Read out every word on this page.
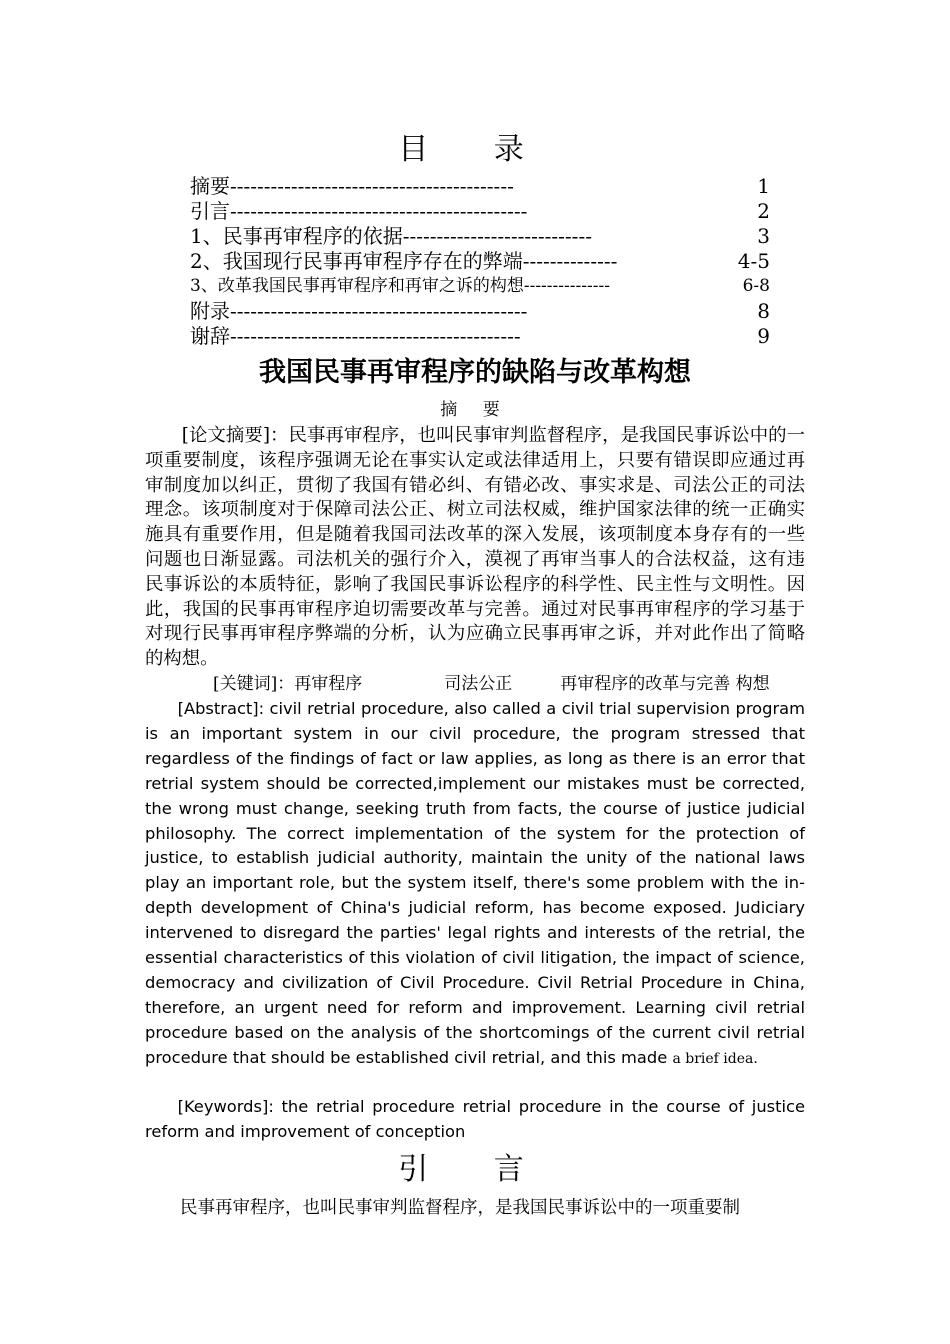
目 录
摘要 ------------------------------------------	1
引言 --------------------------------------------	2
1、民事再审程序的依据 ----------------------------	3
2、我国现行民事再审程序存在的弊端 --------------	4-5
3、改革我国民事再审程序和再审之诉的构想 ---------------	6-8
附录 --------------------------------------------	8
谢辞 -------------------------------------------	9
我国民事再审程序的缺陷与改革构想
摘 要
[论文摘要]：民事再审程序，也叫民事审判监督程序，是我国民事诉讼中的一项重要制度，该程序强调无论在事实认定或法律适用上，只要有错误即应通过再审制度加以纠正，贯彻了我国有错必纠、有错必改、事实求是、司法公正的司法理念。该项制度对于保障司法公正、树立司法权威，维护国家法律的统一正确实施具有重要作用，但是随着我国司法改革的深入发展，该项制度本身存有的一些问题也日渐显露。司法机关的强行介入，漠视了再审当事人的合法权益，这有违民事诉讼的本质特征，影响了我国民事诉讼程序的科学性、民主性与文明性。因此，我国的民事再审程序迫切需要改革与完善。通过对民事再审程序的学习基于对现行民事再审程序弊端的分析，认为应确立民事再审之诉，并对此作出了简略的构想。
[关键词]：再审程序	司法公正	再审程序的改革与完善 构想
[Abstract]: civil retrial procedure, also called a civil trial supervision program is an important system in our civil procedure, the program stressed that regardless of the findings of fact or law applies, as long as there is an error that retrial system should be corrected,implement our mistakes must be corrected, the wrong must change, seeking truth from facts, the course of justice judicial philosophy. The correct implementation of the system for the protection of justice, to establish judicial authority, maintain the unity of the national laws play an important role, but the system itself, there's some problem with the in-depth development of China's judicial reform, has become exposed. Judiciary intervened to disregard the parties' legal rights and interests of the retrial, the essential characteristics of this violation of civil litigation, the impact of science, democracy and civilization of Civil Procedure. Civil Retrial Procedure in China, therefore, an urgent need for reform and improvement. Learning civil retrial procedure based on the analysis of the shortcomings of the current civil retrial procedure that should be established civil retrial, and this made a brief idea.
[Keywords]: the retrial procedure retrial procedure in the course of justice reform and improvement of conception
引 言
民事再审程序，也叫民事审判监督程序，是我国民事诉讼中的一项重要制
